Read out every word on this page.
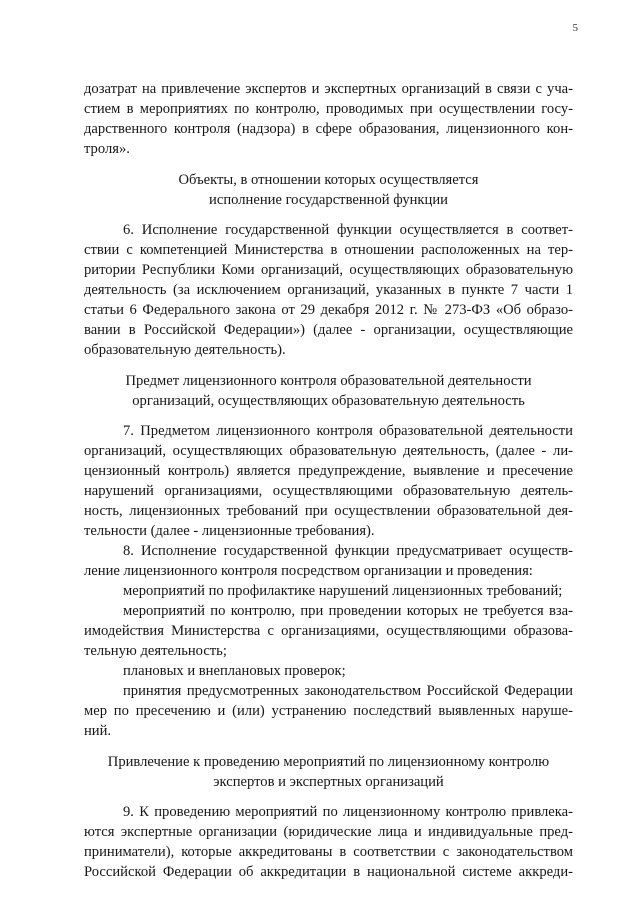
5
дозатрат на привлечение экспертов и экспертных организаций в связи с уча-
стием в мероприятиях по контролю, проводимых при осуществлении госу-
дарственного контроля (надзора) в сфере образования, лицензионного кон-
троля».
Объекты, в отношении которых осуществляется
исполнение государственной функции
6. Исполнение государственной функции осуществляется в соответ-
ствии с компетенцией Министерства в отношении расположенных на тер-
ритории Республики Коми организаций, осуществляющих образовательную
деятельность (за исключением организаций, указанных в пункте 7 части 1
статьи 6 Федерального закона от 29 декабря 2012 г. № 273-ФЗ «Об образо-
вании в Российской Федерации») (далее - организации, осуществляющие
образовательную деятельность).
Предмет лицензионного контроля образовательной деятельности
организаций, осуществляющих образовательную деятельность
7. Предметом лицензионного контроля образовательной деятельности
организаций, осуществляющих образовательную деятельность, (далее - ли-
цензионный контроль) является предупреждение, выявление и пресечение
нарушений организациями, осуществляющими образовательную деятель-
ность, лицензионных требований при осуществлении образовательной дея-
тельности (далее - лицензионные требования).
8. Исполнение государственной функции предусматривает осуществ-
ление лицензионного контроля посредством организации и проведения:
мероприятий по профилактике нарушений лицензионных требований;
мероприятий по контролю, при проведении которых не требуется вза-
имодействия Министерства с организациями, осуществляющими образова-
тельную деятельность;
плановых и внеплановых проверок;
принятия предусмотренных законодательством Российской Федерации
мер по пресечению и (или) устранению последствий выявленных наруше-
ний.
Привлечение к проведению мероприятий по лицензионному контролю
экспертов и экспертных организаций
9. К проведению мероприятий по лицензионному контролю привлека-
ются экспертные организации (юридические лица и индивидуальные пред-
приниматели), которые аккредитованы в соответствии с законодательством
Российской Федерации об аккредитации в национальной системе аккреди-
